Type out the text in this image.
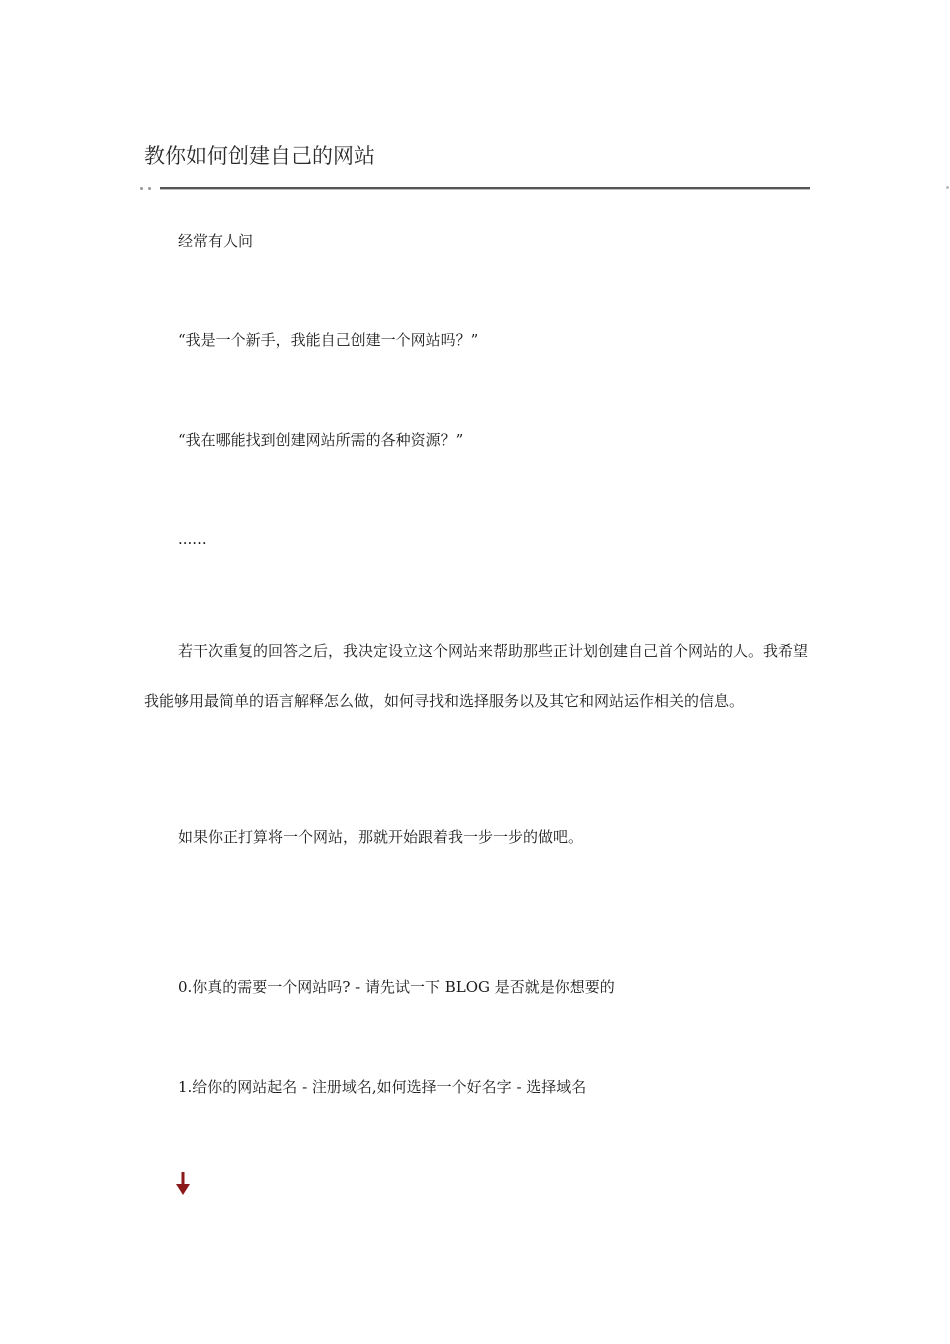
教你如何创建自己的网站
经常有人问
“我是一个新手，我能自己创建一个网站吗？”
“我在哪能找到创建网站所需的各种资源？”
......
若干次重复的回答之后，我决定设立这个网站来帮助那些正计划创建自己首个网站的人。我希望我能够用最简单的语言解释怎么做，如何寻找和选择服务以及其它和网站运作相关的信息。
如果你正打算将一个网站，那就开始跟着我一步一步的做吧。
0.你真的需要一个网站吗? - 请先试一下 BLOG 是否就是你想要的
1.给你的网站起名 - 注册域名,如何选择一个好名字 - 选择域名
